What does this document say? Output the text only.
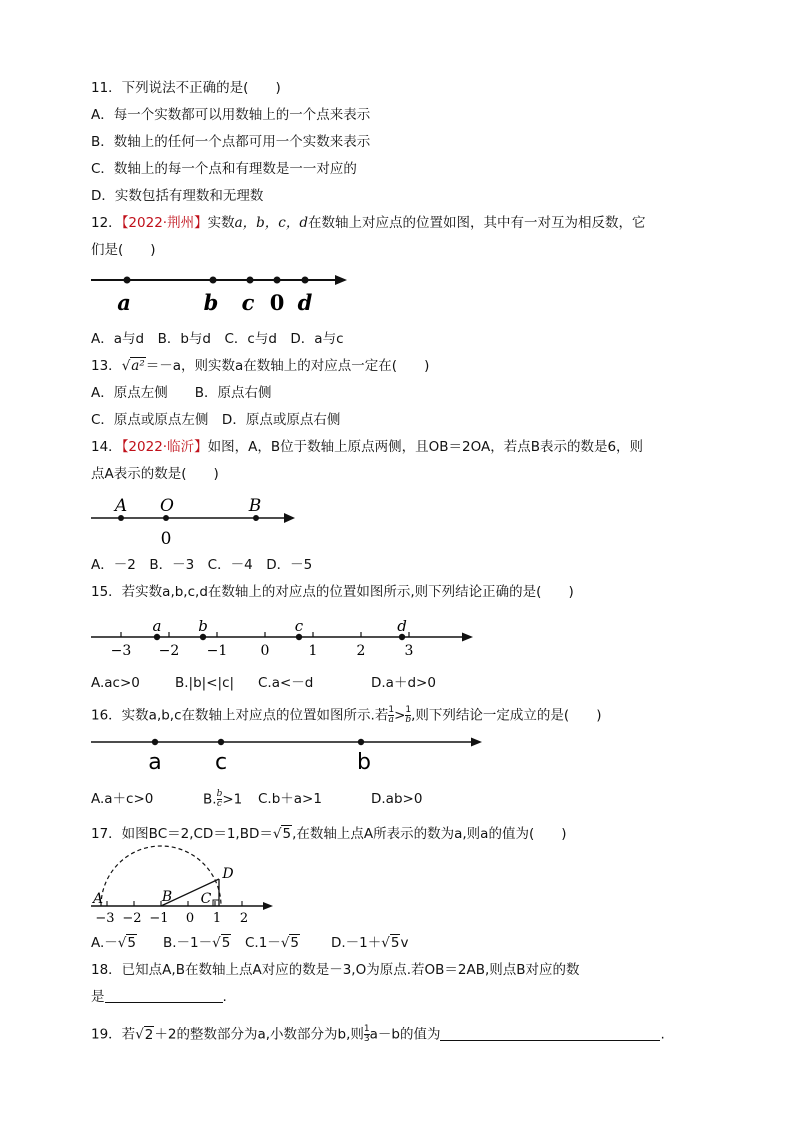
11．下列说法不正确的是(　　)
A．每一个实数都可以用数轴上的一个点来表示
B．数轴上的任何一个点都可用一个实数来表示
C．数轴上的每一个点和有理数是一一对应的
D．实数包括有理数和无理数
12．【2022·荆州】实数a，b，c，d在数轴上对应点的位置如图，其中有一对互为相反数，它
们是(　　)
a	b c 0 d
A．a与d　B．b与d　C．c与d　D．a与c
13．√a²＝－a，则实数a在数轴上的对应点一定在(　　)
A．原点左侧　　B．原点右侧
C．原点或原点左侧　D．原点或原点右侧
14．【2022·临沂】如图，A，B位于数轴上原点两侧，且OB＝2OA，若点B表示的数是6，则
点A表示的数是(　　)
A O	B
0
A．－2　B．－3　C．－4　D．－5
15．若实数a,b,c,d在数轴上的对应点的位置如图所示,则下列结论正确的是(　　)
a b	c	d
−3 −2 −1 0	1	2	3
A.ac>0	B.|b|<|c| C.a<－d	D.a＋d>0
16．实数a,b,c在数轴上对应点的位置如图所示.若 $\frac{1}{a} > \frac{1}{b}$ ,则下列结论一定成立的是(　　)
a c	b
A.a＋c>0	B. $\frac{b}{c} >1$ C.b＋a>1	D.ab>0
17．如图BC＝2,CD＝1,BD＝√5,在数轴上点A所表示的数为a,则a的值为(　　)
A	B C
D
−3 −2 −1 0 1 2
A.－√5 B.－1－√5 C.1－√5 D.－1＋√5v
18．已知点A,B在数轴上点A对应的数是－3,O为原点.若OB＝2AB,则点B对应的数
是	.
19．若√2＋2的整数部分为a,小数部分为b,则 $\frac{1}{3} a-b$的值为	.
